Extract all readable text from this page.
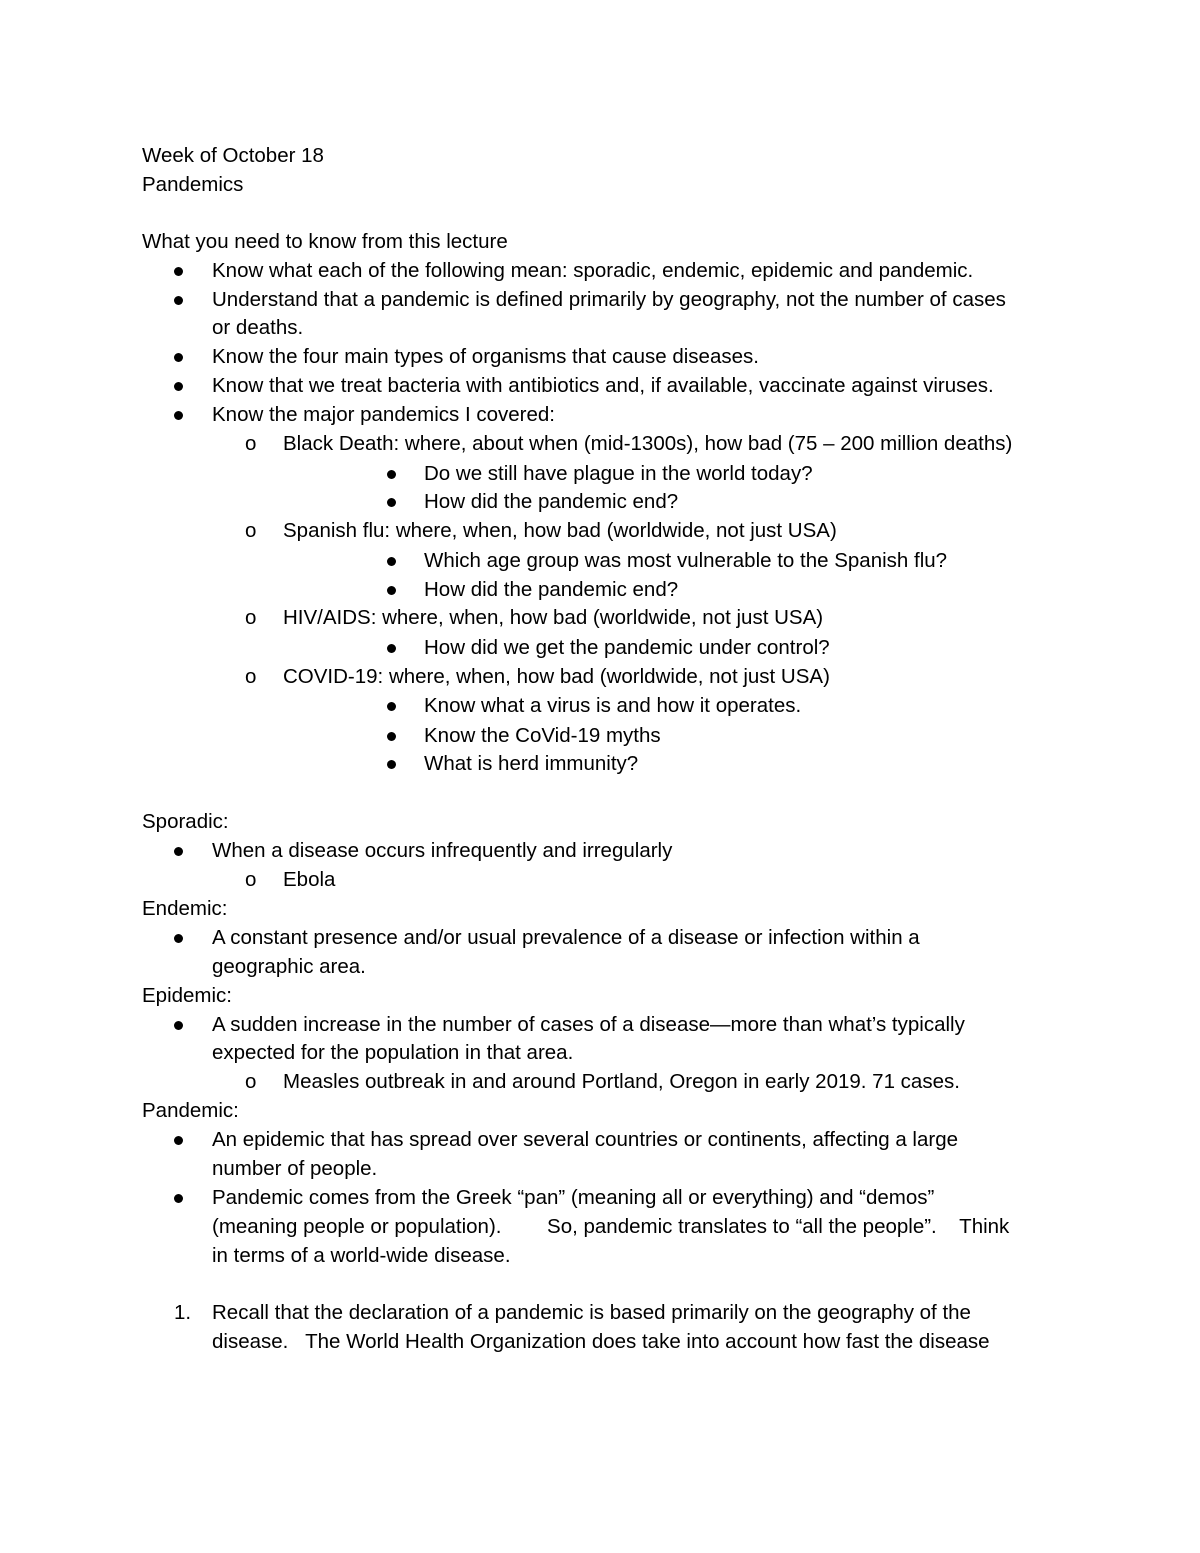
Week of October 18
Pandemics
What you need to know from this lecture
Know what each of the following mean: sporadic, endemic, epidemic and pandemic.
Understand that a pandemic is defined primarily by geography, not the number of cases
or deaths.
Know the four main types of organisms that cause diseases.
Know that we treat bacteria with antibiotics and, if available, vaccinate against viruses.
Know the major pandemics I covered:
o Black Death: where, about when (mid-1300s), how bad (75 – 200 million deaths)
Do we still have plague in the world today?
How did the pandemic end?
o Spanish flu: where, when, how bad (worldwide, not just USA)
Which age group was most vulnerable to the Spanish flu?
How did the pandemic end?
o HIV/AIDS: where, when, how bad (worldwide, not just USA)
How did we get the pandemic under control?
o COVID-19: where, when, how bad (worldwide, not just USA)
Know what a virus is and how it operates.
Know the CoVid-19 myths
What is herd immunity?
Sporadic:
When a disease occurs infrequently and irregularly
o Ebola
Endemic:
A constant presence and/or usual prevalence of a disease or infection within a
geographic area.
Epidemic:
A sudden increase in the number of cases of a disease—more than what’s typically
expected for the population in that area.
o Measles outbreak in and around Portland, Oregon in early 2019. 71 cases.
Pandemic:
An epidemic that has spread over several countries or continents, affecting a large
number of people.
Pandemic comes from the Greek “pan” (meaning all or everything) and “demos”
(meaning people or population).        So, pandemic translates to “all the people”.    Think
in terms of a world-wide disease.
1. Recall that the declaration of a pandemic is based primarily on the geography of the
disease.   The World Health Organization does take into account how fast the disease
